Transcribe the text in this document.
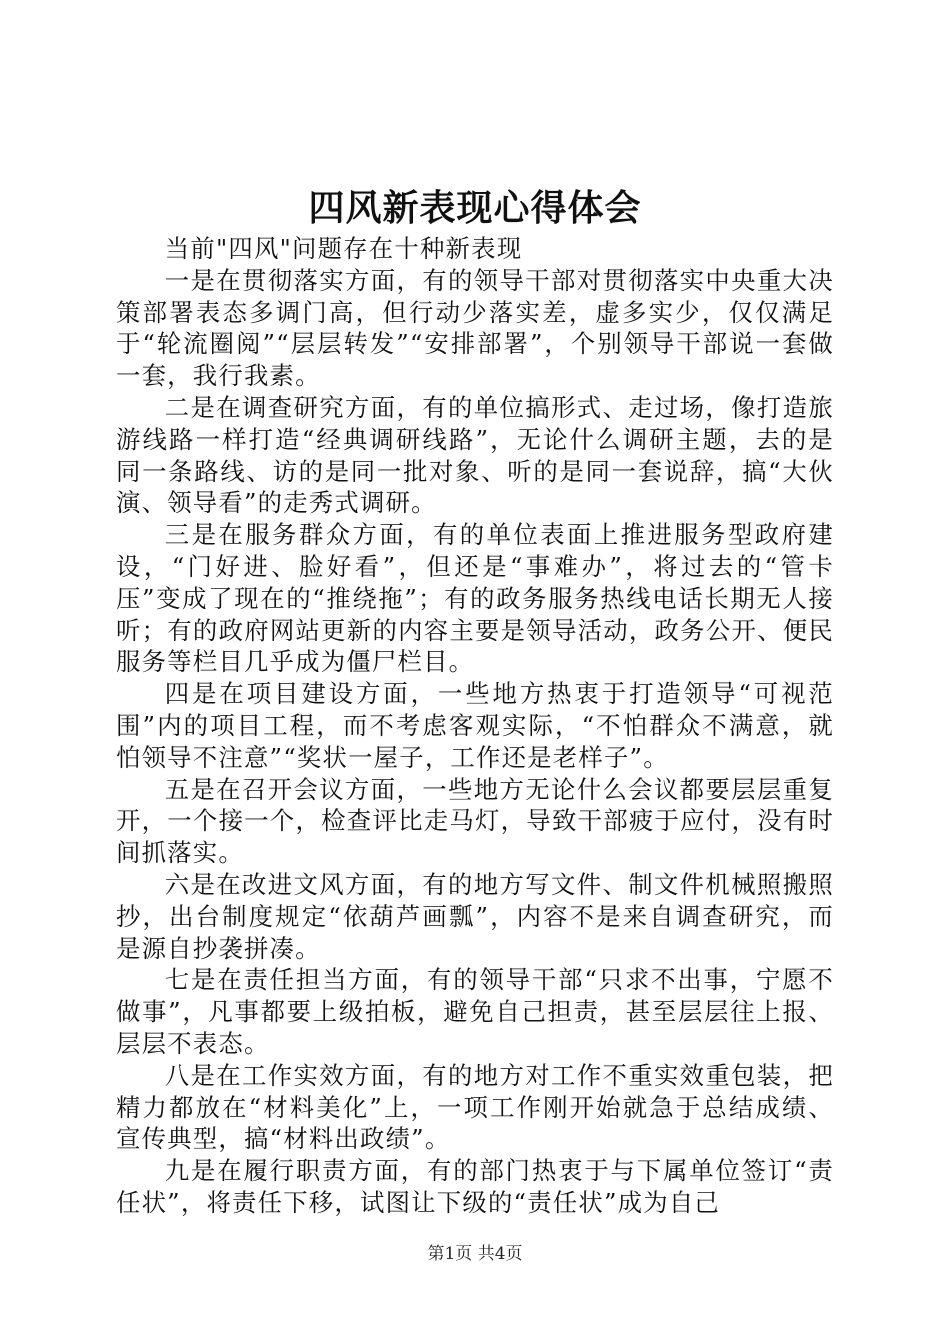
四风新表现心得体会

当前"四风"问题存在十种新表现

一是在贯彻落实方面，有的领导干部对贯彻落实中央重大决策部署表态多调门高，但行动少落实差，虚多实少，仅仅满足于“轮流圈阅”“层层转发”“安排部署”，个别领导干部说一套做一套，我行我素。

二是在调查研究方面，有的单位搞形式、走过场，像打造旅游线路一样打造“经典调研线路”，无论什么调研主题，去的是同一条路线、访的是同一批对象、听的是同一套说辞，搞“大伙演、领导看”的走秀式调研。

三是在服务群众方面，有的单位表面上推进服务型政府建设，“门好进、脸好看”，但还是“事难办”，将过去的“管卡压”变成了现在的“推绕拖”；有的政务服务热线电话长期无人接听；有的政府网站更新的内容主要是领导活动，政务公开、便民服务等栏目几乎成为僵尸栏目。

四是在项目建设方面，一些地方热衷于打造领导“可视范围”内的项目工程，而不考虑客观实际，“不怕群众不满意，就怕领导不注意”“奖状一屋子，工作还是老样子”。

五是在召开会议方面，一些地方无论什么会议都要层层重复开，一个接一个，检查评比走马灯，导致干部疲于应付，没有时间抓落实。

六是在改进文风方面，有的地方写文件、制文件机械照搬照抄，出台制度规定“依葫芦画瓢”，内容不是来自调查研究，而是源自抄袭拼凑。

七是在责任担当方面，有的领导干部“只求不出事，宁愿不做事”，凡事都要上级拍板，避免自己担责，甚至层层往上报、层层不表态。

八是在工作实效方面，有的地方对工作不重实效重包装，把精力都放在“材料美化”上，一项工作刚开始就急于总结成绩、宣传典型，搞“材料出政绩”。

九是在履行职责方面，有的部门热衷于与下属单位签订“责任状”，将责任下移，试图让下级的“责任状”成为自己

第1页 共4页
